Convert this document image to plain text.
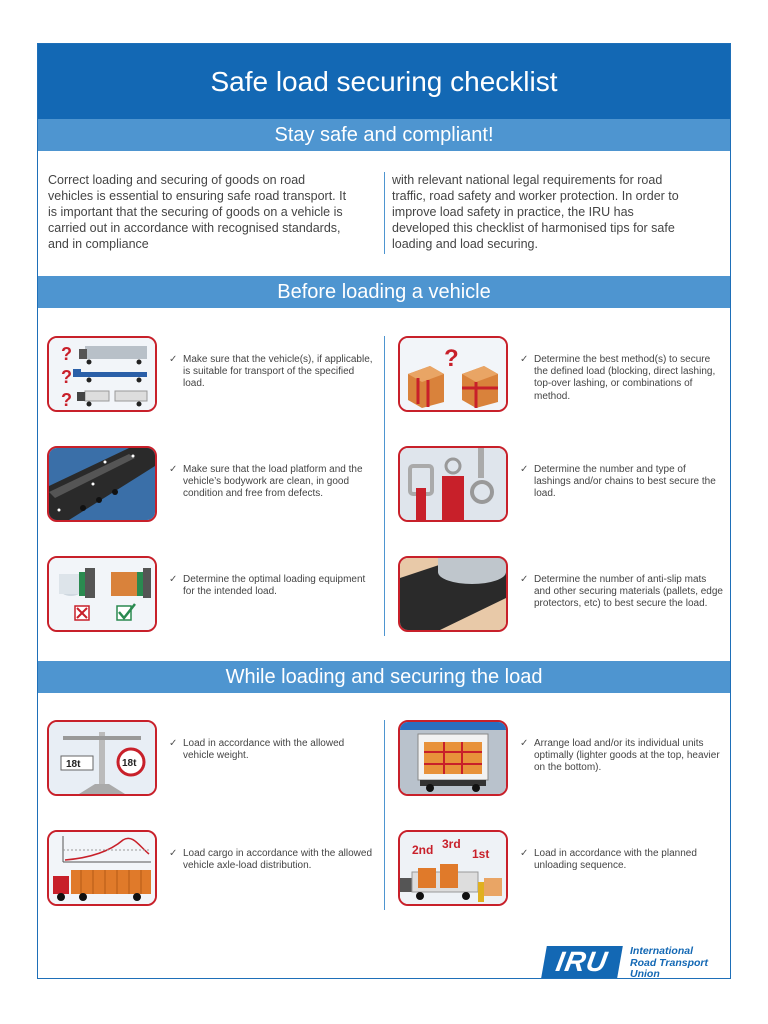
Safe load securing checklist
Stay safe and compliant!
Correct loading and securing of goods on road vehicles is essential to ensuring safe road transport. It is important that the securing of goods on a vehicle is carried out in accordance with recognised standards, and in compliance
with relevant national legal requirements for road traffic, road safety and worker protection. In order to improve load safety in practice, the IRU has developed this checklist of harmonised tips for safe loading and load securing.
Before loading a vehicle
?
?
?
✓ Make sure that the vehicle(s), if applicable, is suitable for transport of the specified load.
?	✓ Determine the best method(s) to secure the defined load (blocking, direct lashing, top-over lashing, or combinations of method.
✓ Make sure that the load platform and the vehicle’s bodywork are clean, in good condition and free from defects.
✓ Determine the number and type of lashings and/or chains to best secure the load.
✓ Determine the optimal loading equipment for the intended load.
✓ Determine the number of anti-slip mats and other securing materials (pallets, edge protectors, etc) to best secure the load.
While loading and securing the load
18t	18t
✓ Load in accordance with the allowed vehicle weight.
✓ Arrange load and/or its individual units optimally (lighter goods at the top, heavier on the bottom).
✓ Load cargo in accordance with the allowed vehicle axle-load distribution.
2nd 3rd
1st	✓ Load in accordance with the planned unloading sequence.
IRU	International
Road Transport
Union
